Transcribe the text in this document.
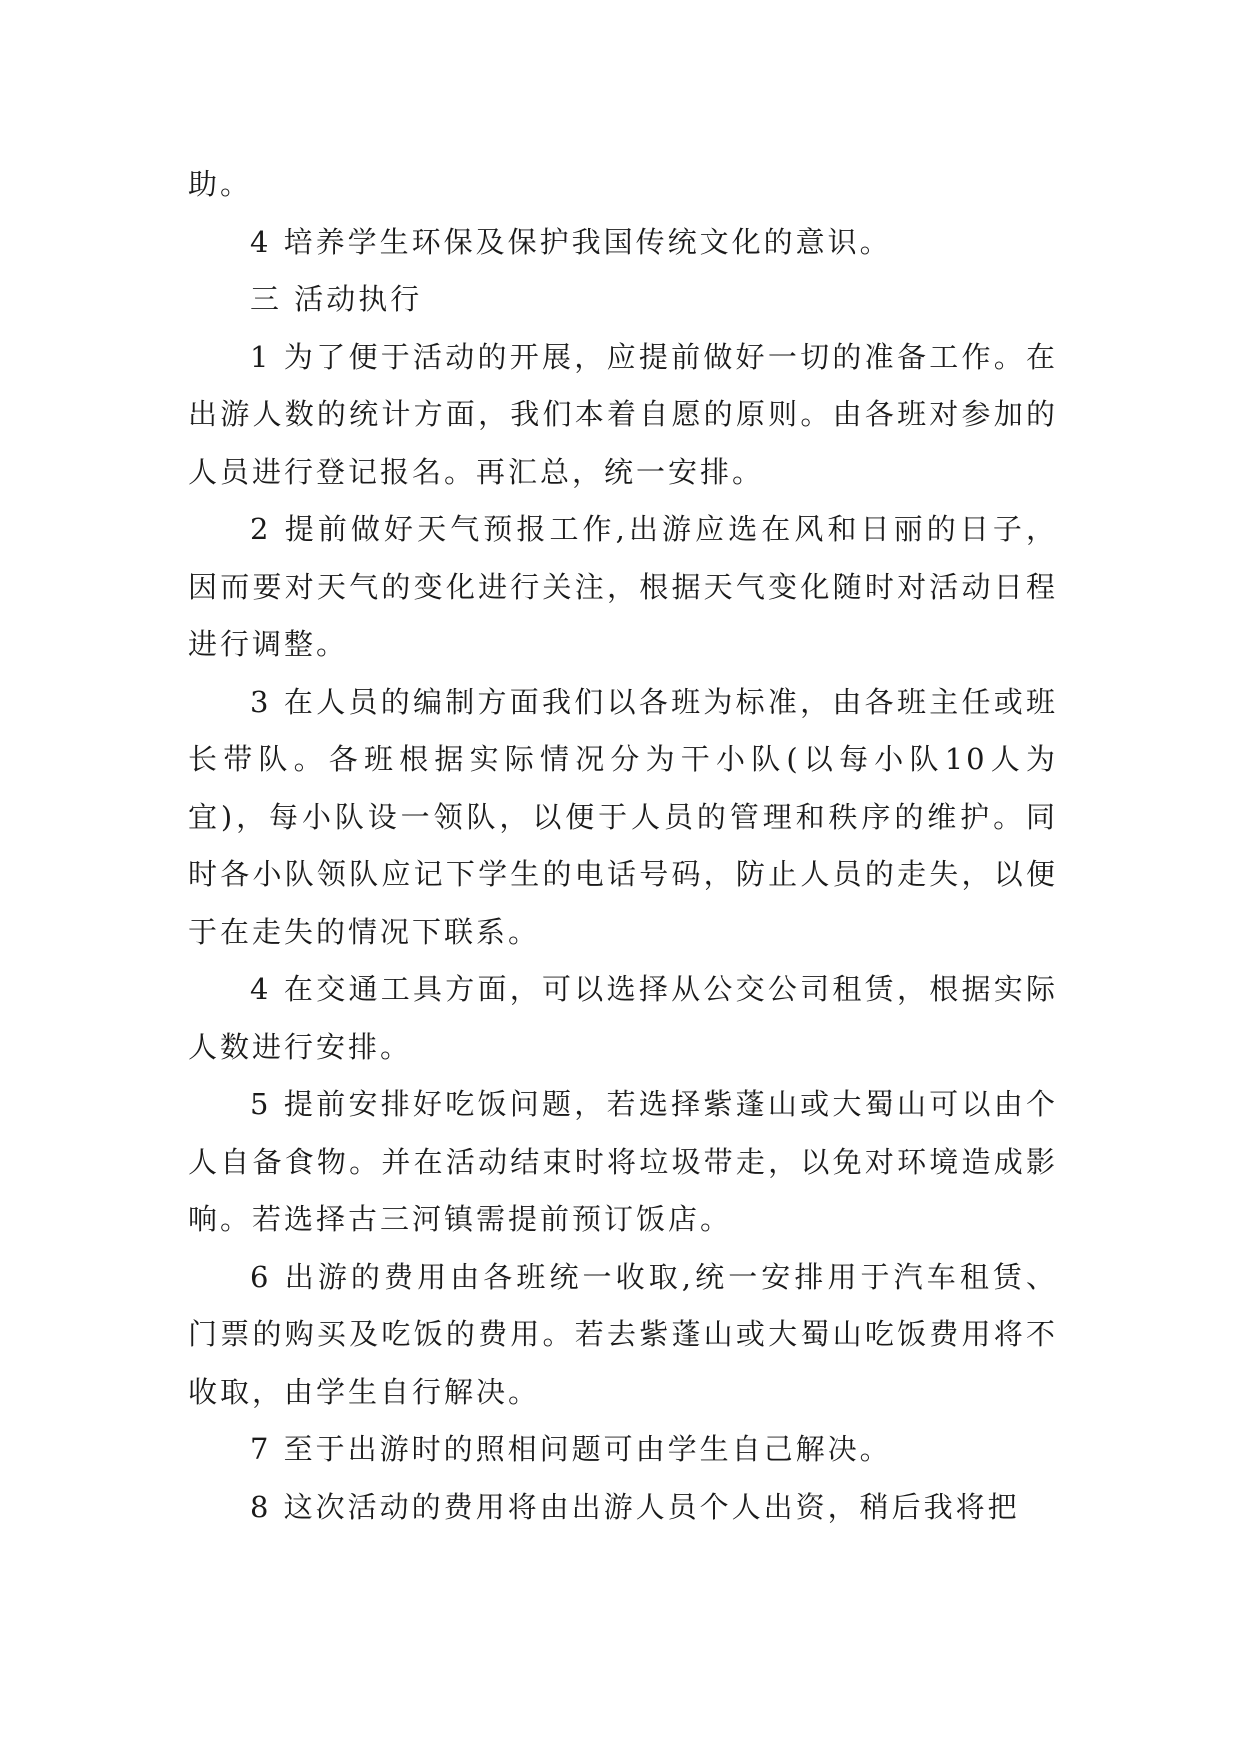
助。

4 培养学生环保及保护我国传统文化的意识。

三 活动执行

1 为了便于活动的开展，应提前做好一切的准备工作。在出游人数的统计方面，我们本着自愿的原则。由各班对参加的人员进行登记报名。再汇总，统一安排。

2 提前做好天气预报工作,出游应选在风和日丽的日子，因而要对天气的变化进行关注，根据天气变化随时对活动日程进行调整。

3 在人员的编制方面我们以各班为标准，由各班主任或班长带队。各班根据实际情况分为干小队(以每小队10人为宜)，每小队设一领队，以便于人员的管理和秩序的维护。同时各小队领队应记下学生的电话号码，防止人员的走失，以便于在走失的情况下联系。

4 在交通工具方面，可以选择从公交公司租赁，根据实际人数进行安排。

5 提前安排好吃饭问题，若选择紫蓬山或大蜀山可以由个人自备食物。并在活动结束时将垃圾带走，以免对环境造成影响。若选择古三河镇需提前预订饭店。

6 出游的费用由各班统一收取,统一安排用于汽车租赁、门票的购买及吃饭的费用。若去紫蓬山或大蜀山吃饭费用将不收取，由学生自行解决。

7 至于出游时的照相问题可由学生自己解决。

8 这次活动的费用将由出游人员个人出资，稍后我将把
